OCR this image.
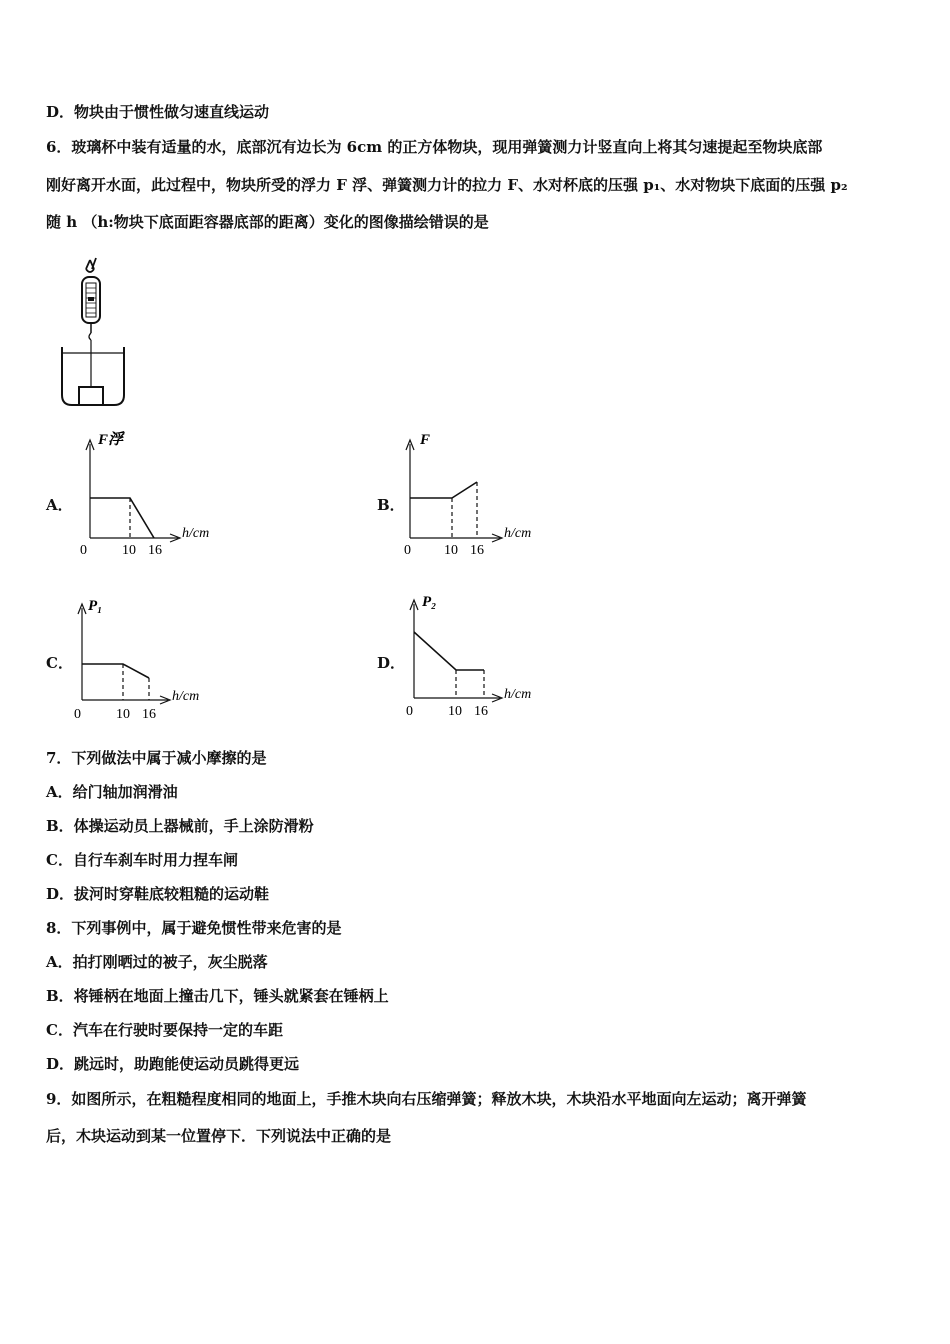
D．物块由于惯性做匀速直线运动
6．玻璃杯中装有适量的水，底部沉有边长为 6cm 的正方体物块，现用弹簧测力计竖直向上将其匀速提起至物块底部
刚好离开水面，此过程中，物块所受的浮力 F 浮、弹簧测力计的拉力 F、水对杯底的压强 p₁、水对物块下底面的压强 p₂
随 h （h:物块下底面距容器底部的距离）变化的图像描绘错误的是
A．	B．
C．	D．
F浮
h/cm
0	10 16
F
h/cm
0 10 16
P₁
h/cm
0	10 16
P₂
h/cm
0	10 16
7．下列做法中属于减小摩擦的是
A．给门轴加润滑油
B．体操运动员上器械前，手上涂防滑粉
C．自行车刹车时用力捏车闸
D．拔河时穿鞋底较粗糙的运动鞋
8．下列事例中，属于避免惯性带来危害的是
A．拍打刚晒过的被子，灰尘脱落
B．将锤柄在地面上撞击几下，锤头就紧套在锤柄上
C．汽车在行驶时要保持一定的车距
D．跳远时，助跑能使运动员跳得更远
9．如图所示，在粗糙程度相同的地面上，手推木块向右压缩弹簧；释放木块，木块沿水平地面向左运动；离开弹簧
后，木块运动到某一位置停下．下列说法中正确的是
